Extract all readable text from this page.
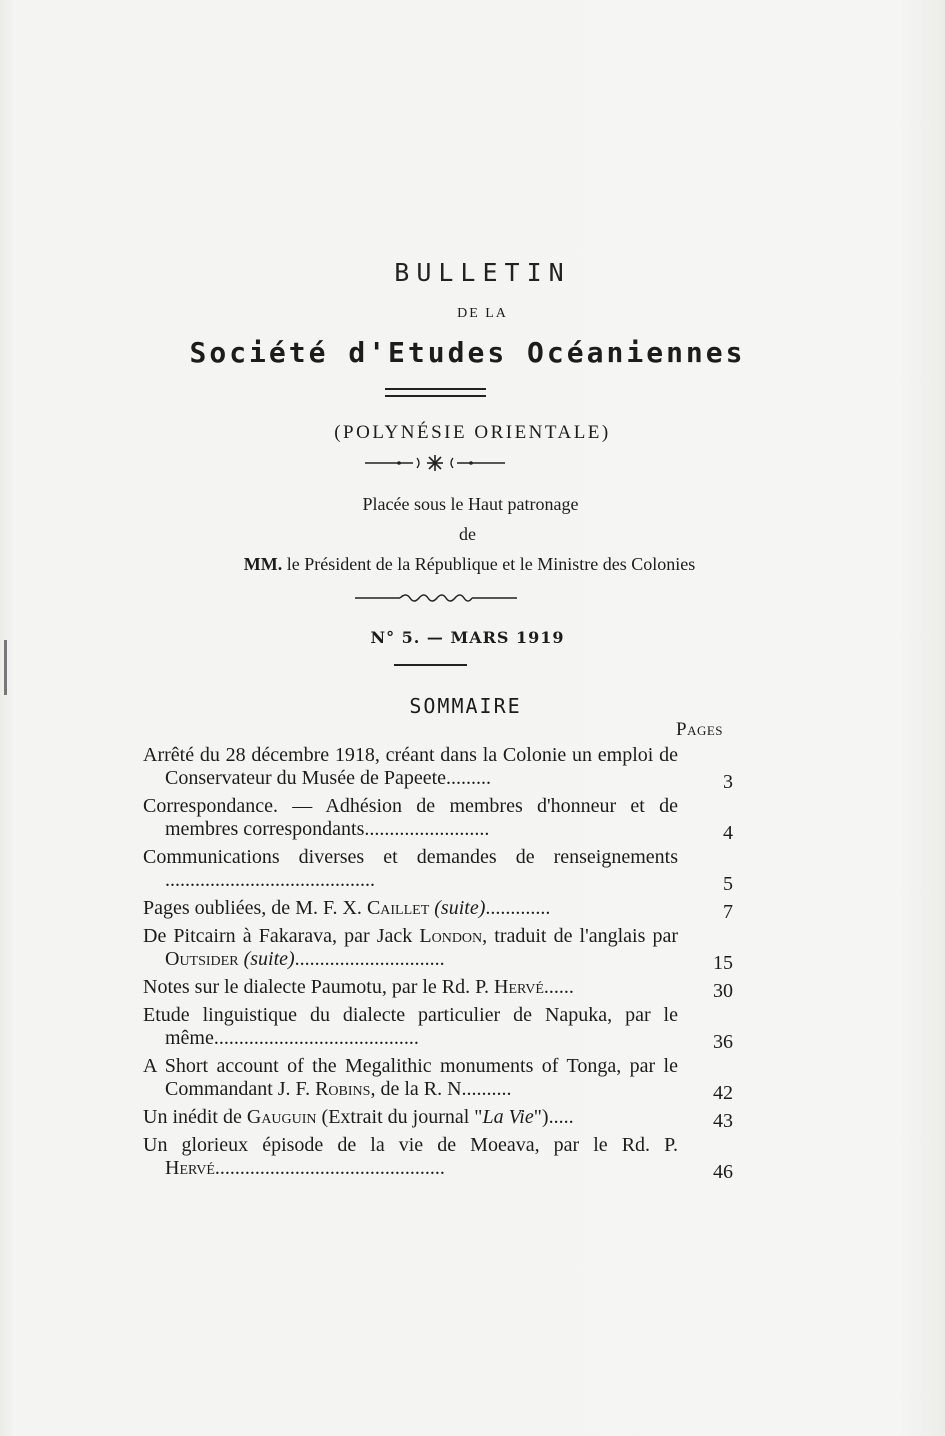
BULLETIN
DE LA
Société d'Etudes Océaniennes
(POLYNÉSIE ORIENTALE)
Placée sous le Haut patronage
de
MM. le Président de la République et le Ministre des Colonies
N° 5. — MARS 1919
SOMMAIRE
Pages
Arrêté du 28 décembre 1918, créant dans la Colonie un emploi de Conservateur du Musée de Papeete.........	3
Correspondance. — Adhésion de membres d'honneur et de membres correspondants.........................	4
Communications diverses et demandes de renseignements ..........................................	5
Pages oubliées, de M. F. X. Caillet (suite).............	7
De Pitcairn à Fakarava, par Jack London, traduit de l'anglais par Outsider (suite)..............................	15
Notes sur le dialecte Paumotu, par le Rd. P. Hervé......	30
Etude linguistique du dialecte particulier de Napuka, par le même.........................................	36
A Short account of the Megalithic monuments of Tonga, par le Commandant J. F. Robins, de la R. N..........	42
Un inédit de Gauguin (Extrait du journal "La Vie").....	43
Un glorieux épisode de la vie de Moeava, par le Rd. P. Hervé..............................................	46
